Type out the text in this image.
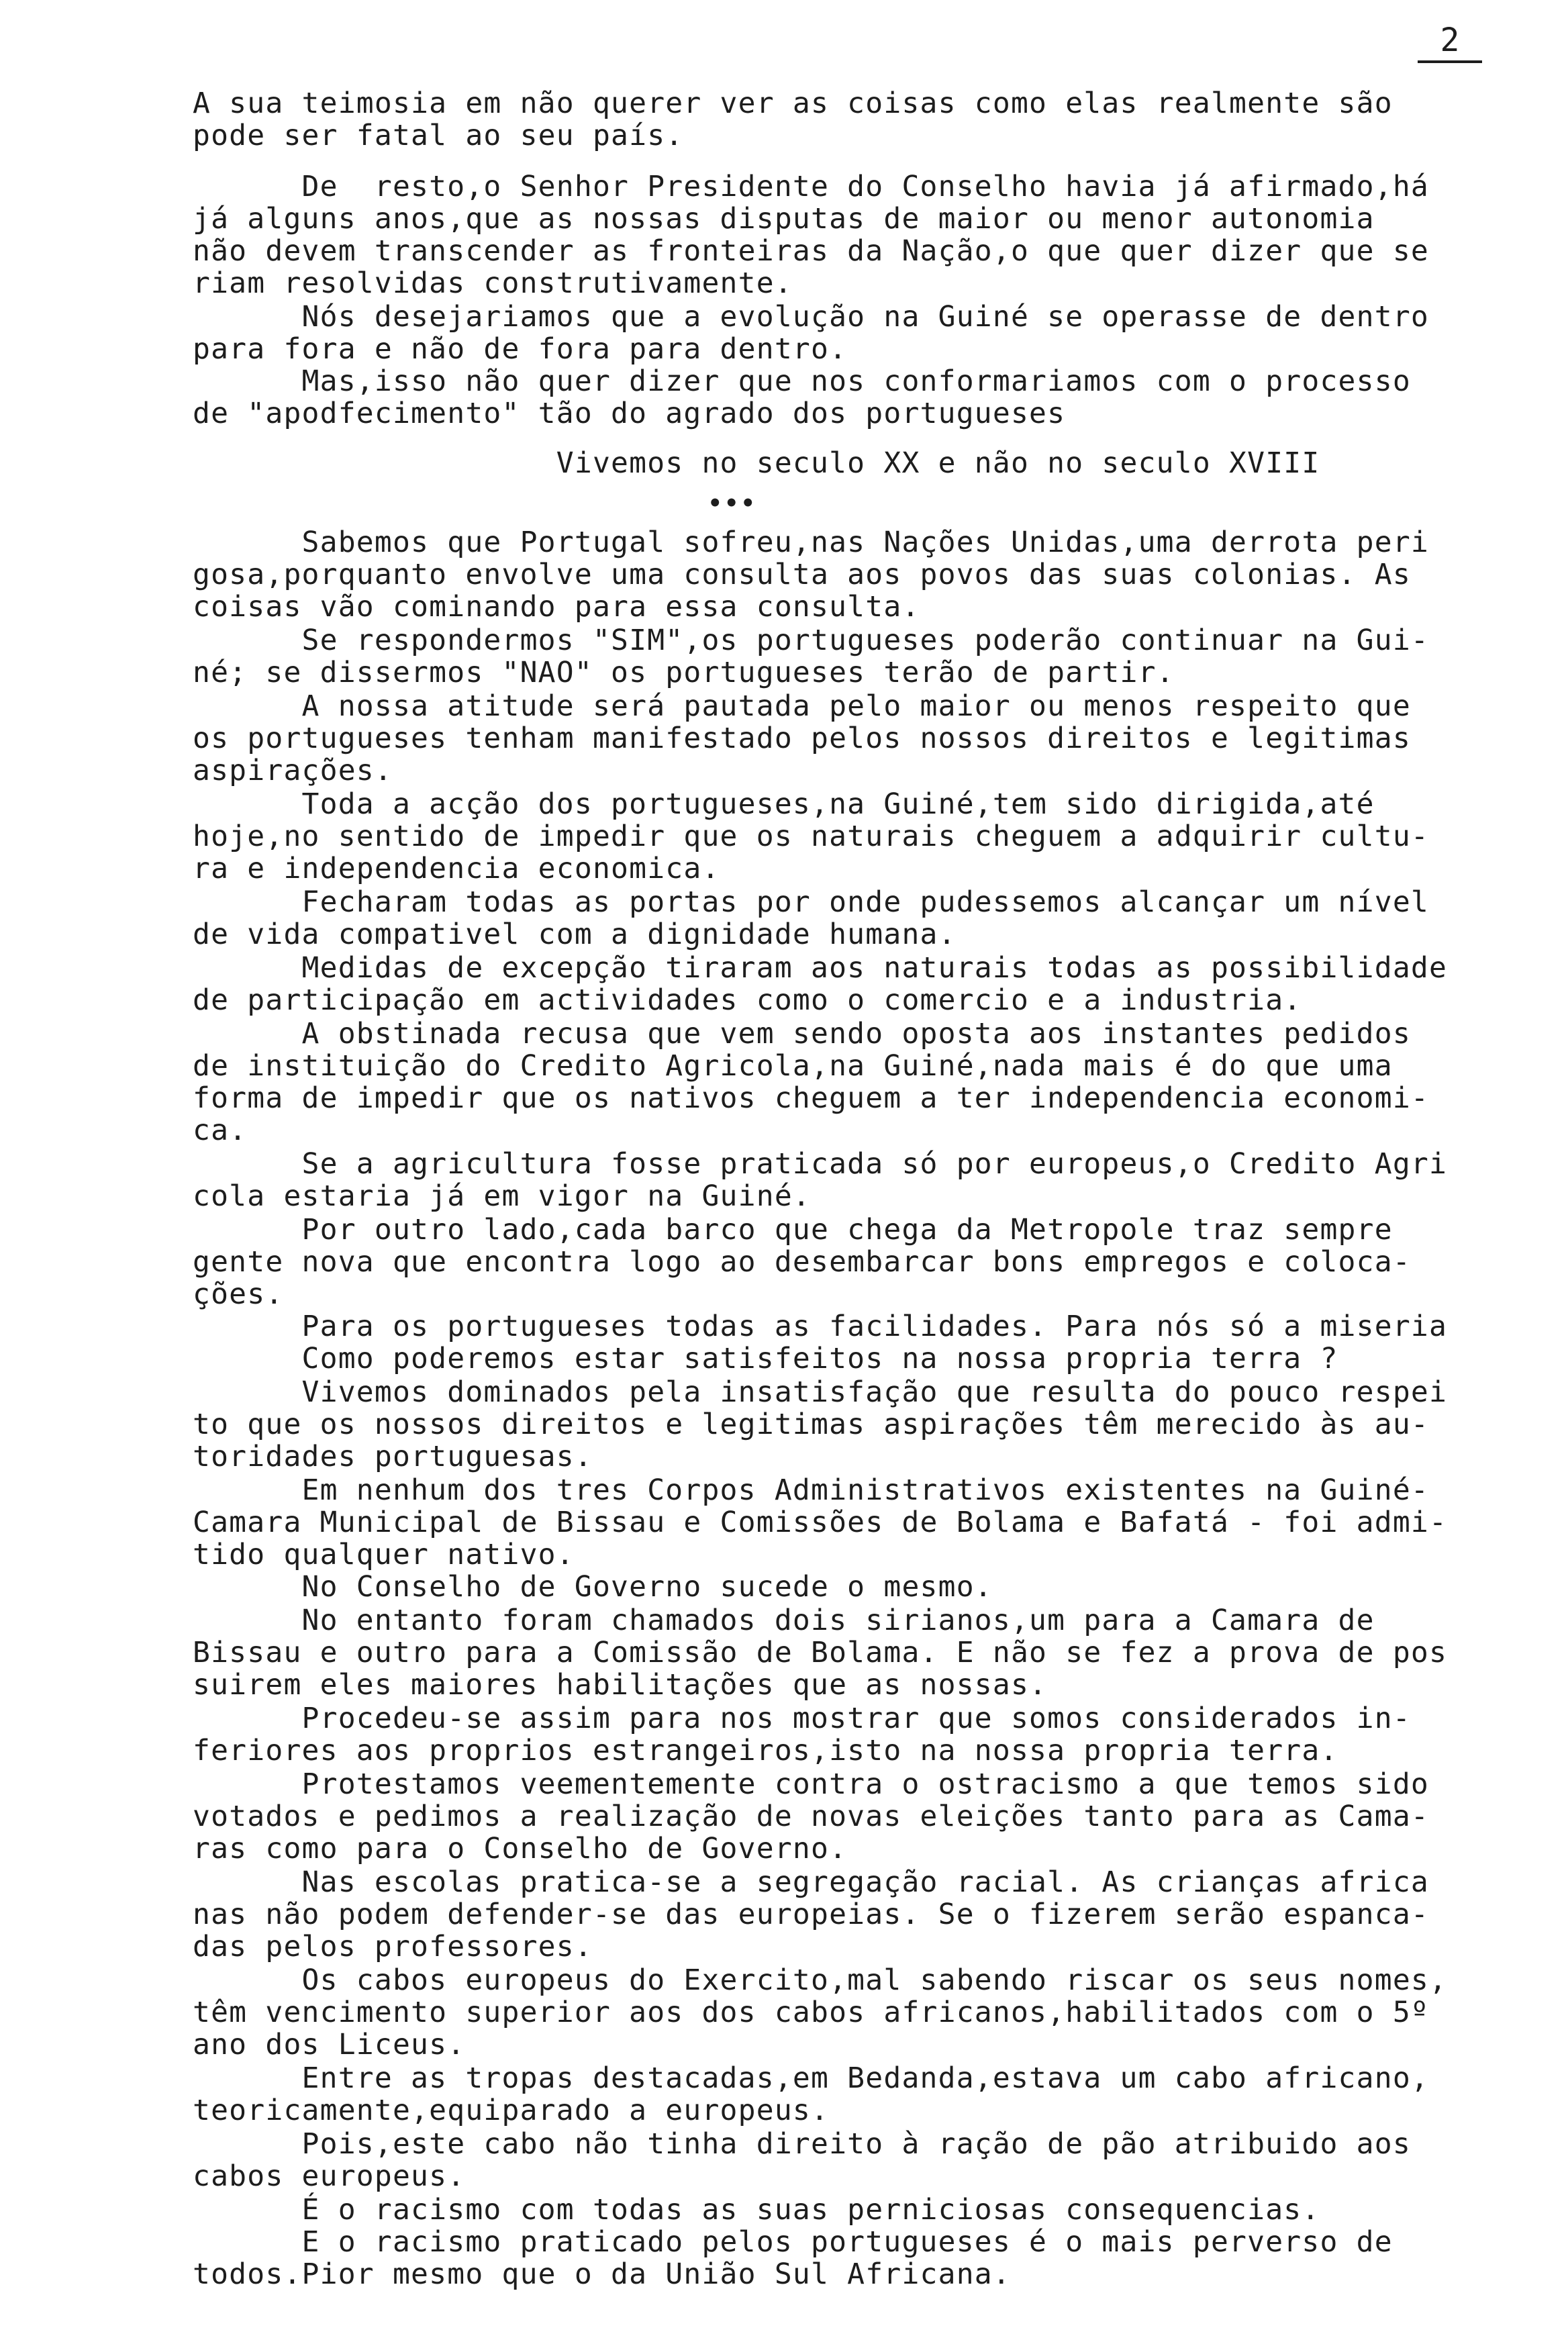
2

A sua teimosia em não querer ver as coisas como elas realmente são

pode ser fatal ao seu país.

De  resto,o Senhor Presidente do Conselho havia já afirmado,há

já alguns anos,que as nossas disputas de maior ou menor autonomia

não devem transcender as fronteiras da Nação,o que quer dizer que se

riam resolvidas construtivamente.

Nós desejariamos que a evolução na Guiné se operasse de dentro

para fora e não de fora para dentro.

Mas,isso não quer dizer que nos conformariamos com o processo

de "apodfecimento" tão do agrado dos portugueses

Vivemos no seculo XX e não no seculo XVIII

•••

Sabemos que Portugal sofreu,nas Nações Unidas,uma derrota peri

gosa,porquanto envolve uma consulta aos povos das suas colonias. As

coisas vão cominando para essa consulta.

Se respondermos "SIM",os portugueses poderão continuar na Gui-

né; se dissermos "NAO" os portugueses terão de partir.

A nossa atitude será pautada pelo maior ou menos respeito que

os portugueses tenham manifestado pelos nossos direitos e legitimas

aspirações.

Toda a acção dos portugueses,na Guiné,tem sido dirigida,até

hoje,no sentido de impedir que os naturais cheguem a adquirir cultu-

ra e independencia economica.

Fecharam todas as portas por onde pudessemos alcançar um nível

de vida compativel com a dignidade humana.

Medidas de excepção tiraram aos naturais todas as possibilidade

de participação em actividades como o comercio e a industria.

A obstinada recusa que vem sendo oposta aos instantes pedidos

de instituição do Credito Agricola,na Guiné,nada mais é do que uma

forma de impedir que os nativos cheguem a ter independencia economi-

ca.

Se a agricultura fosse praticada só por europeus,o Credito Agri

cola estaria já em vigor na Guiné.

Por outro lado,cada barco que chega da Metropole traz sempre

gente nova que encontra logo ao desembarcar bons empregos e coloca-

ções.

Para os portugueses todas as facilidades. Para nós só a miseria

Como poderemos estar satisfeitos na nossa propria terra ?

Vivemos dominados pela insatisfação que resulta do pouco respei

to que os nossos direitos e legitimas aspirações têm merecido às au-

toridades portuguesas.

Em nenhum dos tres Corpos Administrativos existentes na Guiné-

Camara Municipal de Bissau e Comissões de Bolama e Bafatá - foi admi-

tido qualquer nativo.

No Conselho de Governo sucede o mesmo.

No entanto foram chamados dois sirianos,um para a Camara de

Bissau e outro para a Comissão de Bolama. E não se fez a prova de pos

suirem eles maiores habilitações que as nossas.

Procedeu-se assim para nos mostrar que somos considerados in-

feriores aos proprios estrangeiros,isto na nossa propria terra.

Protestamos veementemente contra o ostracismo a que temos sido

votados e pedimos a realização de novas eleições tanto para as Cama-

ras como para o Conselho de Governo.

Nas escolas pratica-se a segregação racial. As crianças africa

nas não podem defender-se das europeias. Se o fizerem serão espanca-

das pelos professores.

Os cabos europeus do Exercito,mal sabendo riscar os seus nomes,

têm vencimento superior aos dos cabos africanos,habilitados com o 5º

ano dos Liceus.

Entre as tropas destacadas,em Bedanda,estava um cabo africano,

teoricamente,equiparado a europeus.

Pois,este cabo não tinha direito à ração de pão atribuido aos

cabos europeus.

É o racismo com todas as suas perniciosas consequencias.

E o racismo praticado pelos portugueses é o mais perverso de

todos.Pior mesmo que o da União Sul Africana.
